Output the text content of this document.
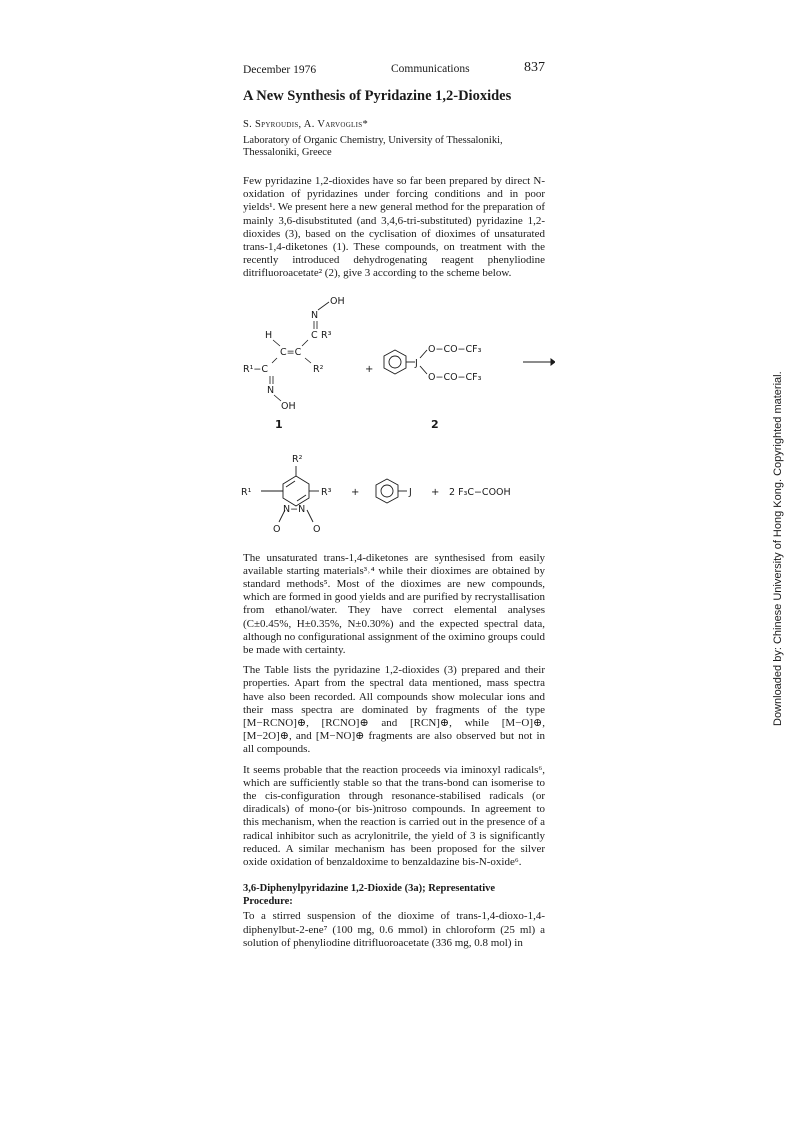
December 1976	Communications	837
A New Synthesis of Pyridazine 1,2-Dioxides
S. Spyroudis, A. Varvoglis*
Laboratory of Organic Chemistry, University of Thessaloniki, Thessaloniki, Greece

Few pyridazine 1,2-dioxides have so far been prepared by direct N-oxidation of pyridazines under forcing conditions and in poor yields¹. We present here a new general method for the preparation of mainly 3,6-disubstituted (and 3,4,6-tri-substituted) pyridazine 1,2-dioxides (3), based on the cyclisation of dioximes of unsaturated trans-1,4-diketones (1). These compounds, on treatment with the recently introduced dehydrogenating reagent phenyliodine ditrifluoroacetate² (2), give 3 according to the scheme below.

OH
N
C R³
H
C=C
R²
R¹−C
N
OH
1
+
J
O−CO−CF₃
O−CO−CF₃
2
R²
R¹	R³
N−N
O	O
+	J + 2 F₃C−COOH

The unsaturated trans-1,4-diketones are synthesised from easily available starting materials³˒⁴ while their dioximes are obtained by standard methods⁵. Most of the dioximes are new compounds, which are formed in good yields and are purified by recrystallisation from ethanol/water. They have correct elemental analyses (C±0.45%, H±0.35%, N±0.30%) and the expected spectral data, although no configurational assignment of the oximino groups could be made with certainty.

The Table lists the pyridazine 1,2-dioxides (3) prepared and their properties. Apart from the spectral data mentioned, mass spectra have also been recorded. All compounds show molecular ions and their mass spectra are dominated by fragments of the type [M−RCNO]⊕, [RCNO]⊕ and [RCN]⊕, while [M−O]⊕, [M−2O]⊕, and [M−NO]⊕ fragments are also observed but not in all compounds.

It seems probable that the reaction proceeds via iminoxyl radicals⁶, which are sufficiently stable so that the trans-bond can isomerise to the cis-configuration through resonance-stabilised radicals (or diradicals) of mono-(or bis-)nitroso compounds. In agreement to this mechanism, when the reaction is carried out in the presence of a radical inhibitor such as acrylonitrile, the yield of 3 is significantly reduced. A similar mechanism has been proposed for the silver oxide oxidation of benzaldoxime to benzaldazine bis-N-oxide⁶.

3,6-Diphenylpyridazine 1,2-Dioxide (3a); Representative Procedure:

To a stirred suspension of the dioxime of trans-1,4-dioxo-1,4-diphenylbut-2-ene⁷ (100 mg, 0.6 mmol) in chloroform (25 ml) a solution of phenyliodine ditrifluoroacetate (336 mg, 0.8 mol) in

Downloaded by: Chinese University of Hong Kong. Copyrighted material.
